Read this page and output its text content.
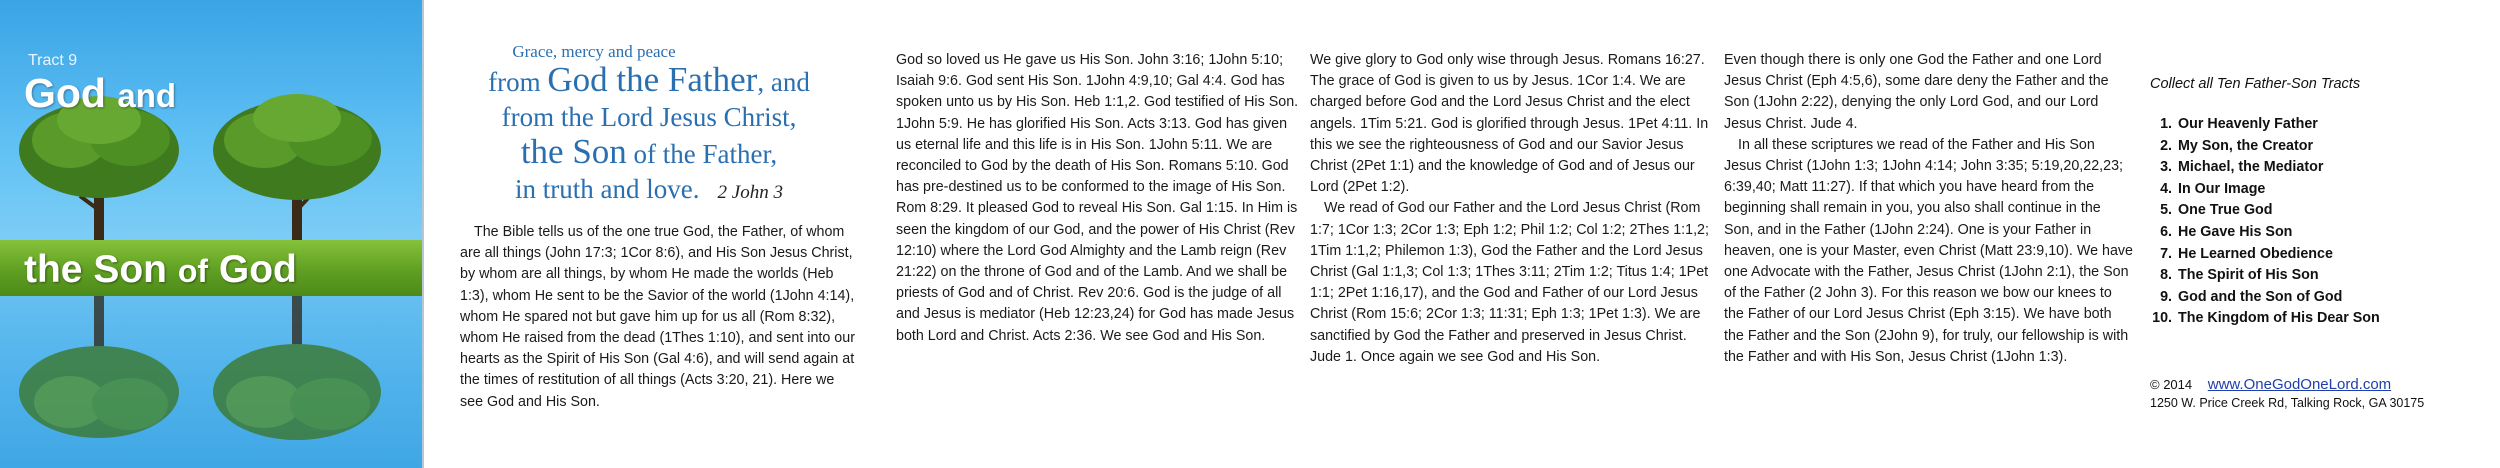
Tract 9
God and
the Son of God
Grace, mercy and peace
from God the Father, and
from the Lord Jesus Christ,
the Son of the Father,
in truth and love. 2 John 3

The Bible tells us of the one true God, the Father, of whom are all things (John 17:3; 1Cor 8:6), and His Son Jesus Christ, by whom are all things, by whom He made the worlds (Heb 1:3), whom He sent to be the Savior of the world (1John 4:14), whom He spared not but gave him up for us all (Rom 8:32), whom He raised from the dead (1Thes 1:10), and sent into our hearts as the Spirit of His Son (Gal 4:6), and will send again at the times of restitution of all things (Acts 3:20, 21). Here we see God and His Son.

God so loved us He gave us His Son. John 3:16; 1John 5:10; Isaiah 9:6. God sent His Son. 1John 4:9,10; Gal 4:4. God has spoken unto us by His Son. Heb 1:1,2. God testified of His Son. 1John 5:9. He has glorified His Son. Acts 3:13. God has given us eternal life and this life is in His Son. 1John 5:11. We are reconciled to God by the death of His Son. Romans 5:10. God has pre-destined us to be conformed to the image of His Son. Rom 8:29. It pleased God to reveal His Son. Gal 1:15. In Him is seen the kingdom of our God, and the power of His Christ (Rev 12:10) where the Lord God Almighty and the Lamb reign (Rev 21:22) on the throne of God and of the Lamb. And we shall be priests of God and of Christ. Rev 20:6. God is the judge of all and Jesus is mediator (Heb 12:23,24) for God has made Jesus both Lord and Christ. Acts 2:36. We see God and His Son.

We give glory to God only wise through Jesus. Romans 16:27. The grace of God is given to us by Jesus. 1Cor 1:4. We are charged before God and the Lord Jesus Christ and the elect angels. 1Tim 5:21. God is glorified through Jesus. 1Pet 4:11. In this we see the righteousness of God and our Savior Jesus Christ (2Pet 1:1) and the knowledge of God and of Jesus our Lord (2Pet 1:2).

We read of God our Father and the Lord Jesus Christ (Rom 1:7; 1Cor 1:3; 2Cor 1:3; Eph 1:2; Phil 1:2; Col 1:2; 2Thes 1:1,2; 1Tim 1:1,2; Philemon 1:3), God the Father and the Lord Jesus Christ (Gal 1:1,3; Col 1:3; 1Thes 3:11; 2Tim 1:2; Titus 1:4; 1Pet 1:1; 2Pet 1:16,17), and the God and Father of our Lord Jesus Christ (Rom 15:6; 2Cor 1:3; 11:31; Eph 1:3; 1Pet 1:3). We are sanctified by God the Father and preserved in Jesus Christ. Jude 1. Once again we see God and His Son.

Even though there is only one God the Father and one Lord Jesus Christ (Eph 4:5,6), some dare deny the Father and the Son (1John 2:22), denying the only Lord God, and our Lord Jesus Christ. Jude 4.

In all these scriptures we read of the Father and His Son Jesus Christ (1John 1:3; 1John 4:14; John 3:35; 5:19,20,22,23; 6:39,40; Matt 11:27). If that which you have heard from the beginning shall remain in you, you also shall continue in the Son, and in the Father (1John 2:24). One is your Father in heaven, one is your Master, even Christ (Matt 23:9,10). We have one Advocate with the Father, Jesus Christ (1John 2:1), the Son of the Father (2 John 3). For this reason we bow our knees to the Father of our Lord Jesus Christ (Eph 3:15). We have both the Father and the Son (2John 9), for truly, our fellowship is with the Father and with His Son, Jesus Christ (1John 1:3).

Collect all Ten Father-Son Tracts
1. Our Heavenly Father
2. My Son, the Creator
3. Michael, the Mediator
4. In Our Image
5. One True God
6. He Gave His Son
7. He Learned Obedience
8. The Spirit of His Son
9. God and the Son of God
10. The Kingdom of His Dear Son
© 2014 www.OneGodOneLord.com
1250 W. Price Creek Rd, Talking Rock, GA 30175
